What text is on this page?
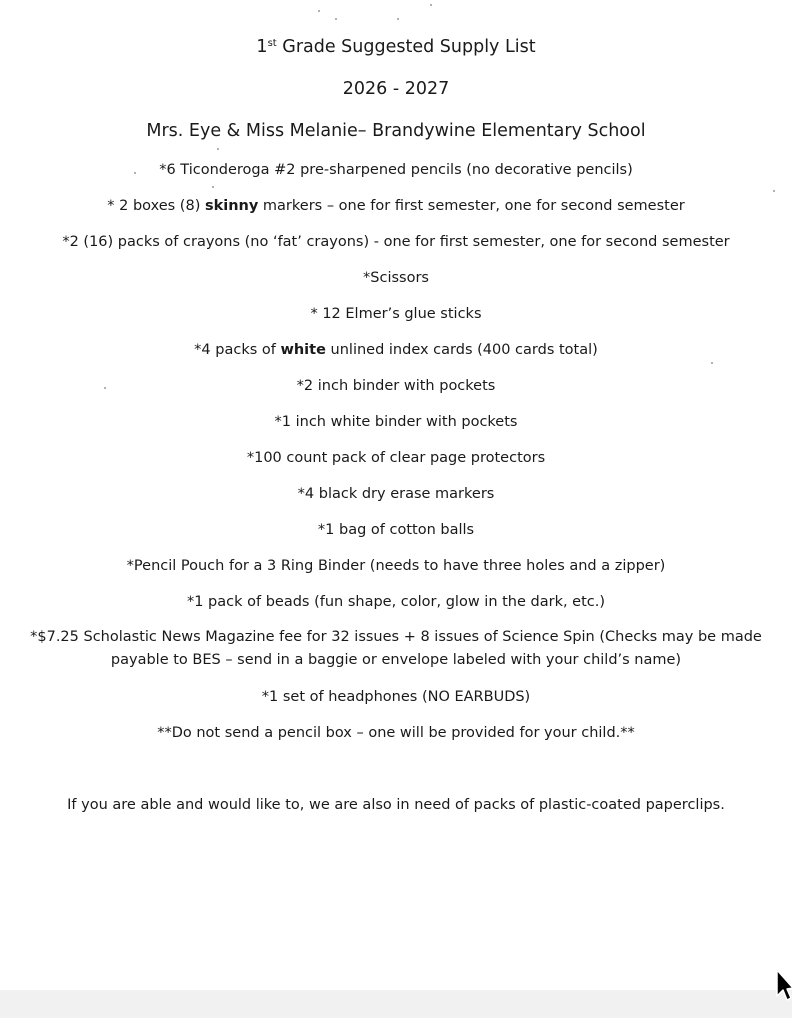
1st Grade Suggested Supply List
2026 - 2027
Mrs. Eye & Miss Melanie– Brandywine Elementary School
*6 Ticonderoga #2 pre-sharpened pencils (no decorative pencils)
* 2 boxes (8) skinny markers – one for first semester, one for second semester
*2 (16) packs of crayons (no ‘fat’ crayons) - one for first semester, one for second semester
*Scissors
* 12 Elmer’s glue sticks
*4 packs of white unlined index cards (400 cards total)
*2 inch binder with pockets
*1 inch white binder with pockets
*100 count pack of clear page protectors
*4 black dry erase markers
*1 bag of cotton balls
*Pencil Pouch for a 3 Ring Binder (needs to have three holes and a zipper)
*1 pack of beads (fun shape, color, glow in the dark, etc.)
*$7.25 Scholastic News Magazine fee for 32 issues + 8 issues of Science Spin (Checks may be made payable to BES – send in a baggie or envelope labeled with your child’s name)
*1 set of headphones (NO EARBUDS)
**Do not send a pencil box – one will be provided for your child.**
If you are able and would like to, we are also in need of packs of plastic-coated paperclips.
